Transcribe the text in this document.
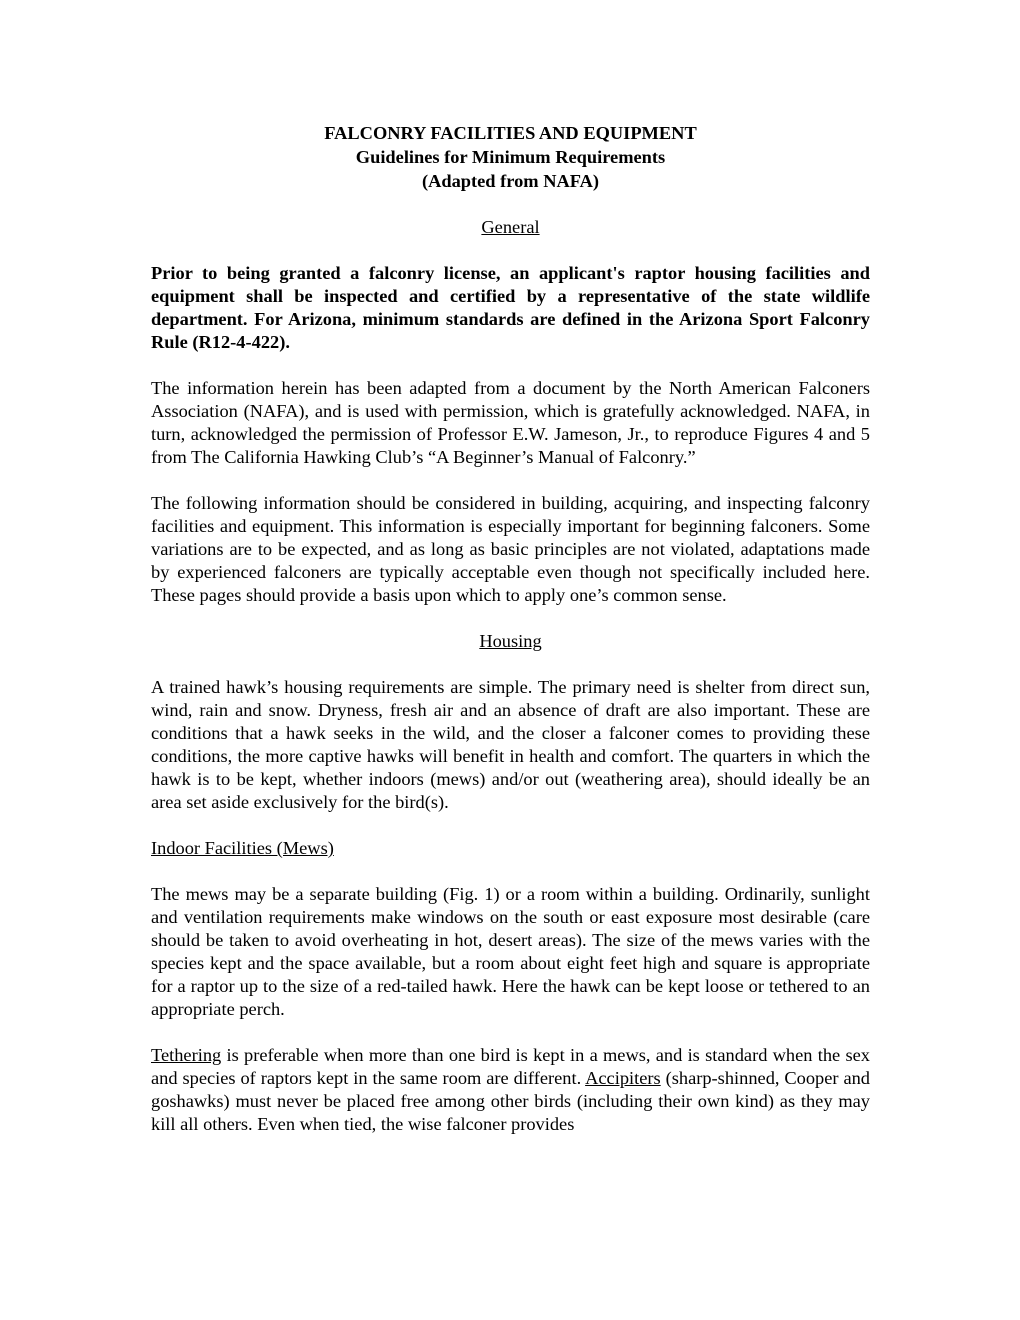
FALCONRY FACILITIES AND EQUIPMENT
Guidelines for Minimum Requirements
(Adapted from NAFA)
General

Prior to being granted a falconry license, an applicant's raptor housing facilities and equipment shall be inspected and certified by a representative of the state wildlife department. For Arizona, minimum standards are defined in the Arizona Sport Falconry Rule (R12-4-422).

The information herein has been adapted from a document by the North American Falconers Association (NAFA), and is used with permission, which is gratefully acknowledged. NAFA, in turn, acknowledged the permission of Professor E.W. Jameson, Jr., to reproduce Figures 4 and 5 from The California Hawking Club’s “A Beginner’s Manual of Falconry.”

The following information should be considered in building, acquiring, and inspecting falconry facilities and equipment. This information is especially important for beginning falconers. Some variations are to be expected, and as long as basic principles are not violated, adaptations made by experienced falconers are typically acceptable even though not specifically included here. These pages should provide a basis upon which to apply one’s common sense.

Housing

A trained hawk’s housing requirements are simple. The primary need is shelter from direct sun, wind, rain and snow. Dryness, fresh air and an absence of draft are also important. These are conditions that a hawk seeks in the wild, and the closer a falconer comes to providing these conditions, the more captive hawks will benefit in health and comfort. The quarters in which the hawk is to be kept, whether indoors (mews) and/or out (weathering area), should ideally be an area set aside exclusively for the bird(s).

Indoor Facilities (Mews)

The mews may be a separate building (Fig. 1) or a room within a building. Ordinarily, sunlight and ventilation requirements make windows on the south or east exposure most desirable (care should be taken to avoid overheating in hot, desert areas). The size of the mews varies with the species kept and the space available, but a room about eight feet high and square is appropriate for a raptor up to the size of a red-tailed hawk. Here the hawk can be kept loose or tethered to an appropriate perch.

Tethering is preferable when more than one bird is kept in a mews, and is standard when the sex and species of raptors kept in the same room are different. Accipiters (sharp-shinned, Cooper and goshawks) must never be placed free among other birds (including their own kind) as they may kill all others. Even when tied, the wise falconer provides
